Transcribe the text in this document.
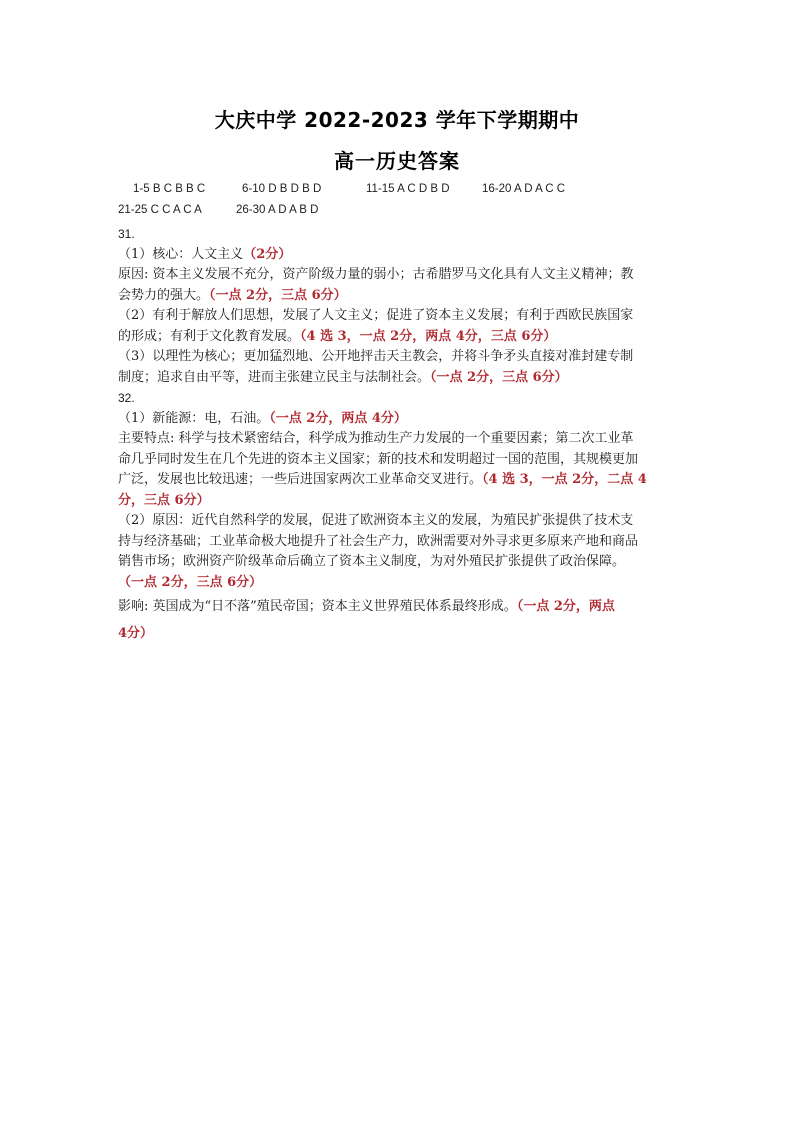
大庆中学 2022-2023 学年下学期期中
高一历史答案
1-5 B C B B C	6-10 D B D B D	11-15 A C D B D	16-20 A D A C C
21-25 C C A C A	26-30 A D A B D
31.
（1）核心：人文主义（2分）
原因: 资本主义发展不充分，资产阶级力量的弱小；古希腊罗马文化具有人文主义精神；教
会势力的强大。（一点 2分，三点 6分）
（2）有利于解放人们思想，发展了人文主义；促进了资本主义发展；有利于西欧民族国家
的形成；有利于文化教育发展。（4 选 3，一点 2分，两点 4分，三点 6分）
（3）以理性为核心；更加猛烈地、公开地抨击天主教会，并将斗争矛头直接对准封建专制
制度；追求自由平等，进而主张建立民主与法制社会。（一点 2分，三点 6分）
32.
（1）新能源：电，石油。（一点 2分，两点 4分）
主要特点: 科学与技术紧密结合，科学成为推动生产力发展的一个重要因素；第二次工业革
命几乎同时发生在几个先进的资本主义国家；新的技术和发明超过一国的范围，其规模更加
广泛，发展也比较迅速；一些后进国家两次工业革命交叉进行。（4 选 3，一点 2分，二点 4
分，三点 6分）
（2）原因：近代自然科学的发展，促进了欧洲资本主义的发展，为殖民扩张提供了技术支
持与经济基础；工业革命极大地提升了社会生产力，欧洲需要对外寻求更多原来产地和商品
销售市场；欧洲资产阶级革命后确立了资本主义制度，为对外殖民扩张提供了政治保障。
（一点 2分，三点 6分）
影响: 英国成为“日不落”殖民帝国；资本主义世界殖民体系最终形成。（一点 2分，两点
4分）
